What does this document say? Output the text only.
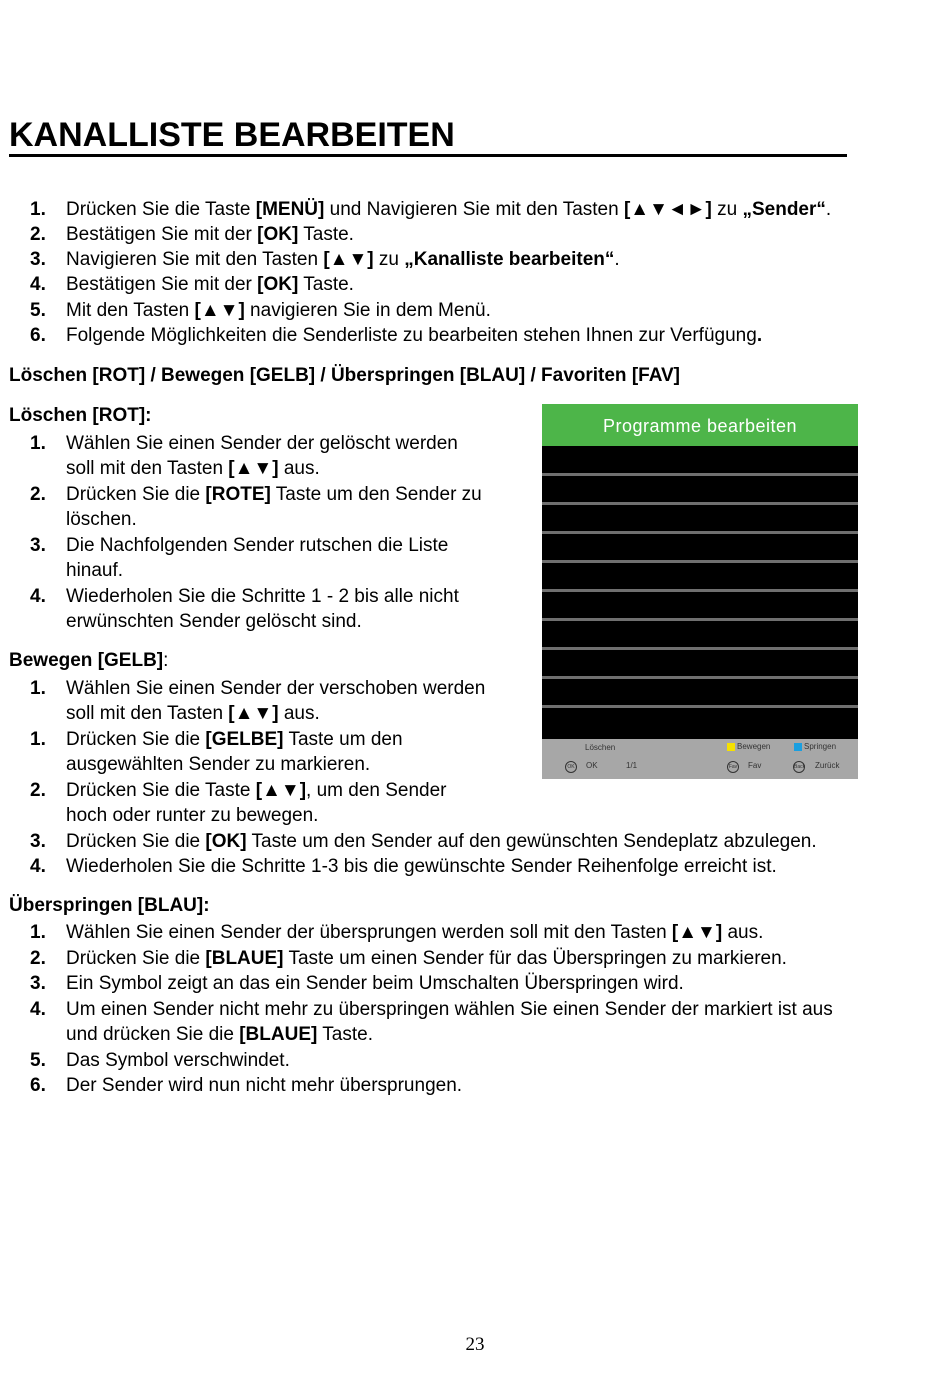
KANALLISTE BEARBEITEN
1.	Drücken Sie die Taste [MENÜ] und Navigieren Sie mit den Tasten [▲▼◄►] zu „Sender“.
2.	Bestätigen Sie mit der [OK] Taste.
3.	Navigieren Sie mit den Tasten [▲▼] zu „Kanalliste bearbeiten“.
4.	Bestätigen Sie mit der [OK] Taste.
5.	Mit den Tasten [▲▼] navigieren Sie in dem Menü.
6.	Folgende Möglichkeiten die Senderliste zu bearbeiten stehen Ihnen zur Verfügung.
Löschen [ROT] / Bewegen [GELB] / Überspringen [BLAU] / Favoriten [FAV]
Löschen [ROT]:
1.	Wählen Sie einen Sender der gelöscht werden
soll mit den Tasten [▲▼] aus.
2.	Drücken Sie die [ROTE] Taste um den Sender zu
löschen.
3.	Die Nachfolgenden Sender rutschen die Liste
hinauf.
4.	Wiederholen Sie die Schritte 1 - 2 bis alle nicht
erwünschten Sender gelöscht sind.
Bewegen [GELB]:
1.	Wählen Sie einen Sender der verschoben werden
soll mit den Tasten [▲▼] aus.
1.	Drücken Sie die [GELBE] Taste um den
ausgewählten Sender zu markieren.
2.	Drücken Sie die Taste [▲▼], um den Sender
hoch oder runter zu bewegen.
3.	Drücken Sie die [OK] Taste um den Sender auf den gewünschten Sendeplatz abzulegen.
4.	Wiederholen Sie die Schritte 1-3 bis die gewünschte Sender Reihenfolge erreicht ist.
Überspringen [BLAU]:
1.	Wählen Sie einen Sender der übersprungen werden soll mit den Tasten [▲▼] aus.
2.	Drücken Sie die [BLAUE] Taste um einen Sender für das Überspringen zu markieren.
3.	Ein Symbol zeigt an das ein Sender beim Umschalten Überspringen wird.
4.	Um einen Sender nicht mehr zu überspringen wählen Sie einen Sender der markiert ist aus
und drücken Sie die [BLAUE] Taste.
5.	Das Symbol verschwindet.
6.	Der Sender wird nun nicht mehr übersprungen.
Programme bearbeiten
Löschen	Bewegen	Springen
OK OK	1/1	Fav Fav	Back Zurück
23
